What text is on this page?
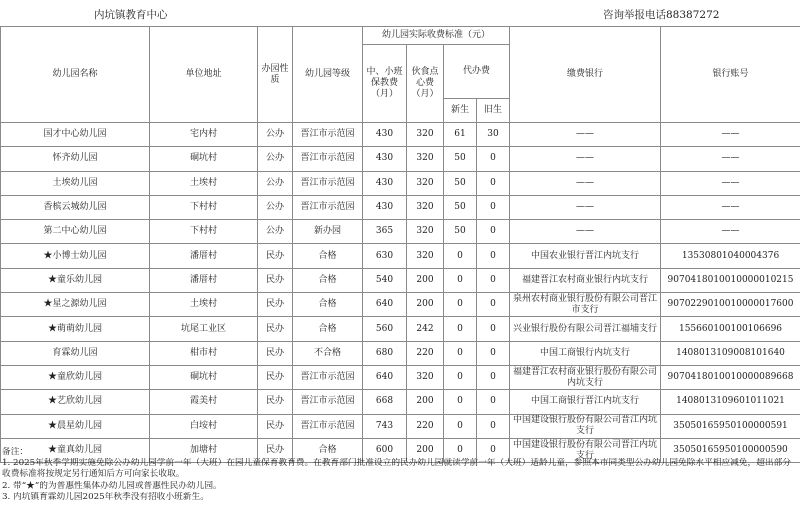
内坑镇教育中心	咨询举报电话88387272
幼儿园名称	单位地址	办园性质	幼儿园等级	幼儿园实际收费标准（元）				缴费银行	银行账号
				中、小班保教费（月）	伙食点心费（月）	代办费			
						新生	旧生		
国才中心幼儿园	宅内村	公办	晋江市示范园	430	320	61	30	——	——
怀齐幼儿园	硐坑村	公办	晋江市示范园	430	320	50	0	——	——
土埃幼儿园	土埃村	公办	晋江市示范园	430	320	50	0	——	——
香槟云城幼儿园	下村村	公办	晋江市示范园	430	320	50	0	——	——
第二中心幼儿园	下村村	公办	新办园	365	320	50	0	——	——
★小博士幼儿园	潘厝村	民办	合格	630	320	0	0	中国农业银行晋江内坑支行	13530801040004376
★童乐幼儿园	潘厝村	民办	合格	540	200	0	0	福建晋江农村商业银行内坑支行	9070418010010000010215
★星之源幼儿园	土埃村	民办	合格	640	200	0	0	泉州农村商业银行股份有限公司晋江市支行	9070229010010000017600
★萌萌幼儿园	坑尾工业区	民办	合格	560	242	0	0	兴业银行股份有限公司晋江福埔支行	155660100100106696
育霖幼儿园	柑市村	民办	不合格	680	220	0	0	中国工商银行内坑支行	1408013109008101640
★童欣幼儿园	硐坑村	民办	晋江市示范园	640	320	0	0	福建晋江农村商业银行股份有限公司内坑支行	9070418010010000089668
★艺欣幼儿园	霞美村	民办	晋江市示范园	668	200	0	0	中国工商银行晋江内坑支行	1408013109601011021
★晨星幼儿园	白垵村	民办	晋江市示范园	743	220	0	0	中国建设银行股份有限公司晋江内坑支行	35050165950100000591
★童真幼儿园	加塘村	民办	合格	600	200	0	0	中国建设银行股份有限公司晋江内坑支行	35050165950100000590
备注：
1. 2025年秋季学期实施免除公办幼儿园学前一年（大班）在园儿童保育教育费。在教育部门批准设立的民办幼儿园就读学前一年（大班）适龄儿童，参照本市同类型公办幼儿园免除水平相应减免，超出部分收费标准将按规定另行通知后方可向家长收取。
2. 带“★”的为普惠性集体办幼儿园或普惠性民办幼儿园。
3. 内坑镇育霖幼儿园2025年秋季没有招收小班新生。
